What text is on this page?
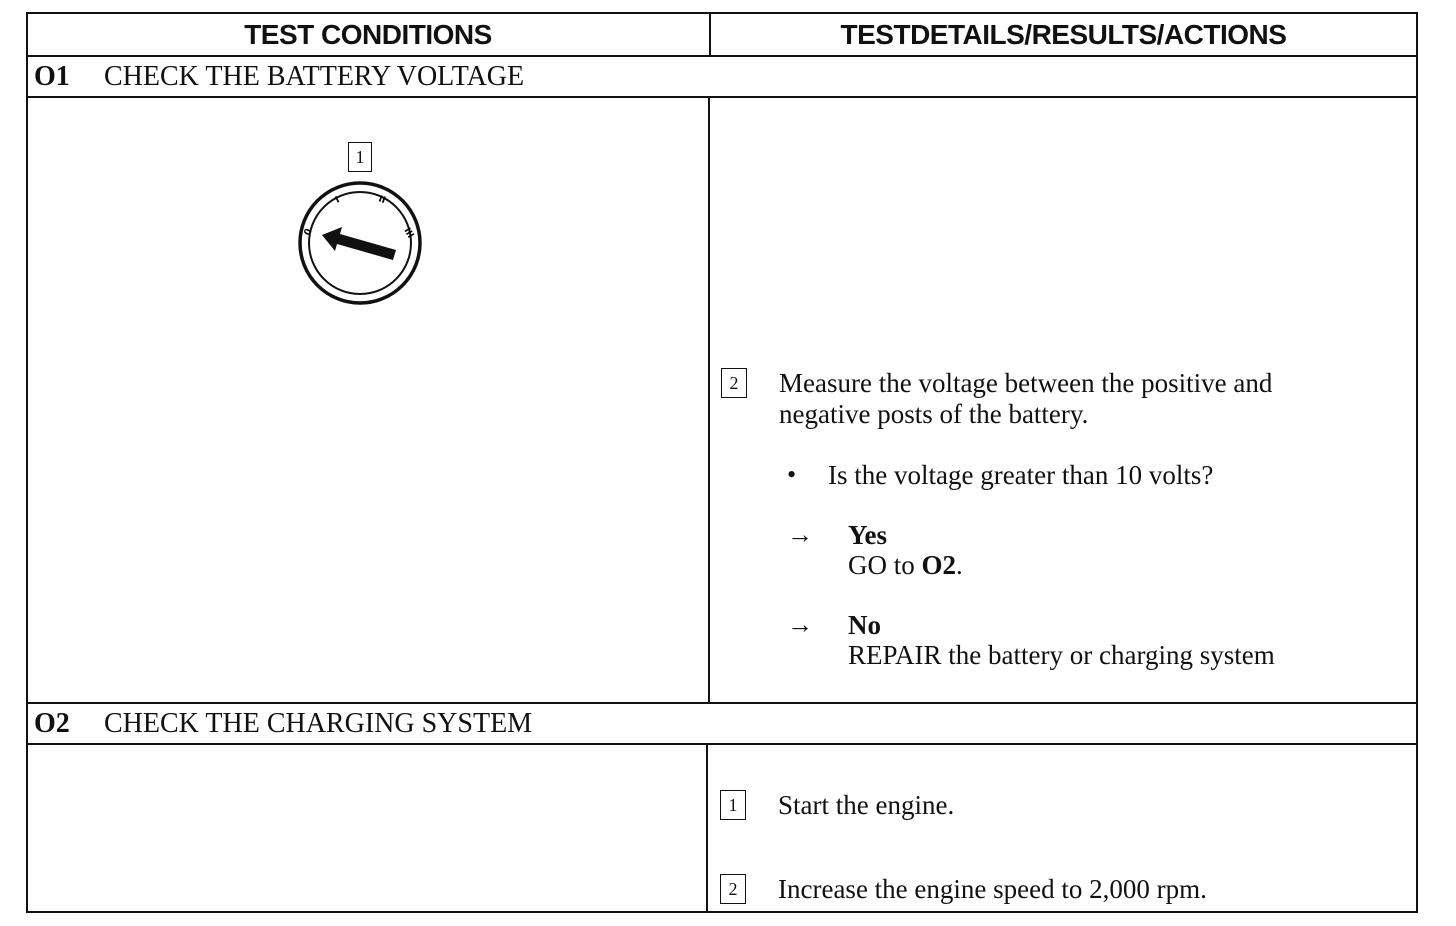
TEST CONDITIONS	TESTDETAILS/RESULTS/ACTIONS
O1	CHECK THE BATTERY VOLTAGE
1
0
I	II
III
2	Measure the voltage between the positive and
negative posts of the battery.
• Is the voltage greater than 10 volts?
→ Yes
GO to O2.
→ No
REPAIR the battery or charging system
O2	CHECK THE CHARGING SYSTEM
1	Start the engine.
2	Increase the engine speed to 2,000 rpm.
